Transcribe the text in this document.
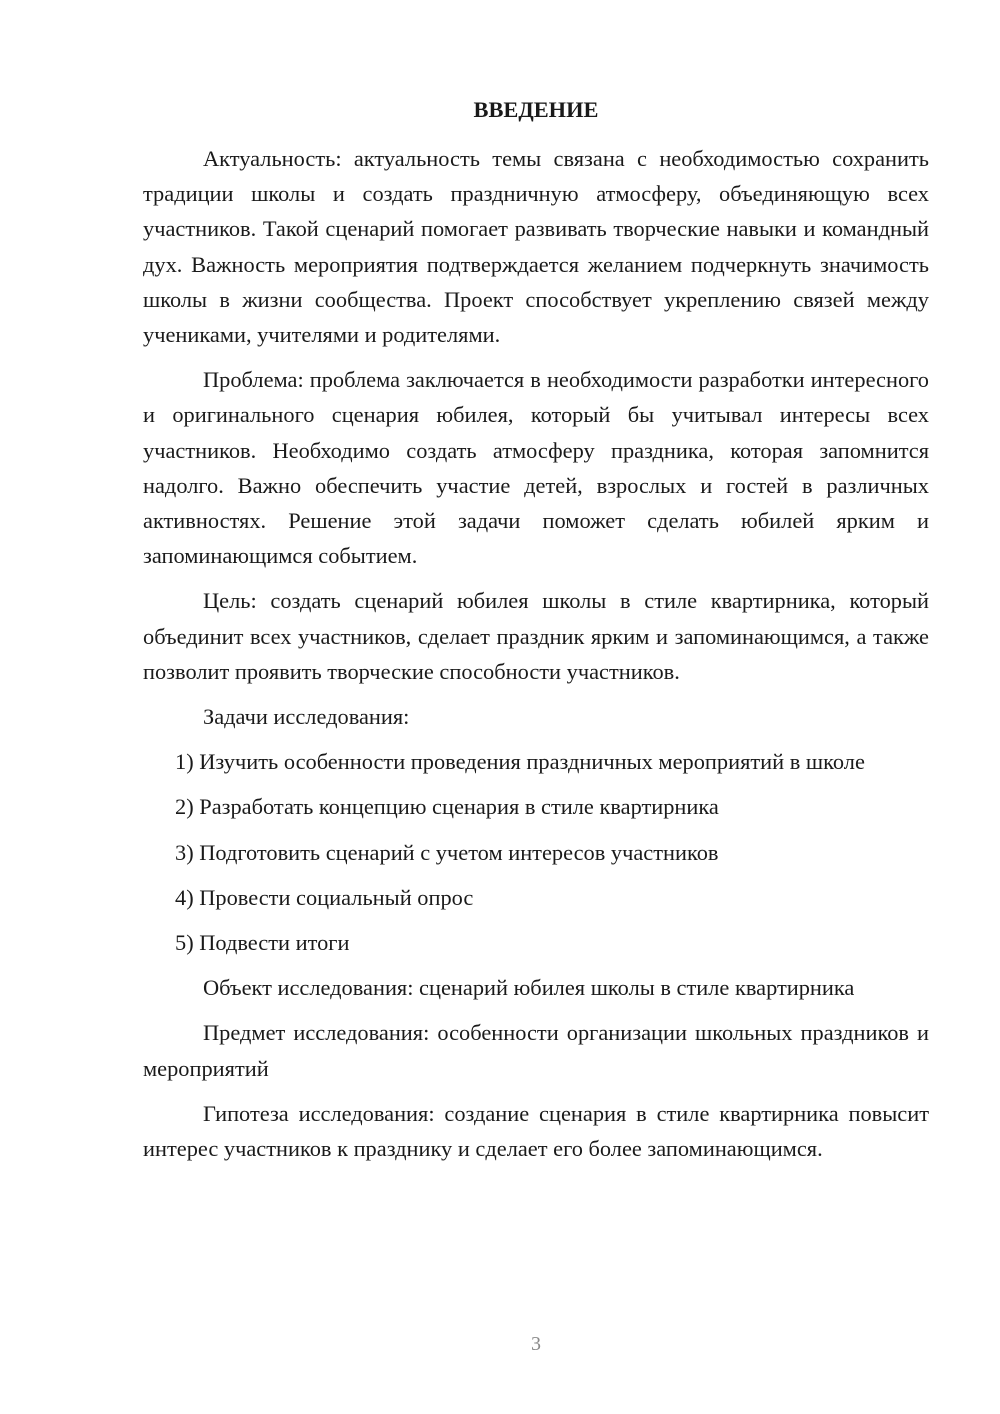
ВВЕДЕНИЕ

Актуальность: актуальность темы связана с необходимостью сохранить традиции школы и создать праздничную атмосферу, объединяющую всех участников. Такой сценарий помогает развивать творческие навыки и командный дух. Важность мероприятия подтверждается желанием подчеркнуть значимость школы в жизни сообщества. Проект способствует укреплению связей между учениками, учителями и родителями.

Проблема: проблема заключается в необходимости разработки интересного и оригинального сценария юбилея, который бы учитывал интересы всех участников. Необходимо создать атмосферу праздника, которая запомнится надолго. Важно обеспечить участие детей, взрослых и гостей в различных активностях. Решение этой задачи поможет сделать юбилей ярким и запоминающимся событием.

Цель: создать сценарий юбилея школы в стиле квартирника, который объединит всех участников, сделает праздник ярким и запоминающимся, а также позволит проявить творческие способности участников.

Задачи исследования:

1) Изучить особенности проведения праздничных мероприятий в школе

2) Разработать концепцию сценария в стиле квартирника

3) Подготовить сценарий с учетом интересов участников

4) Провести социальный опрос

5) Подвести итоги

Объект исследования: сценарий юбилея школы в стиле квартирника

Предмет исследования: особенности организации школьных праздников и мероприятий

Гипотеза исследования: создание сценария в стиле квартирника повысит интерес участников к празднику и сделает его более запоминающимся.

3
